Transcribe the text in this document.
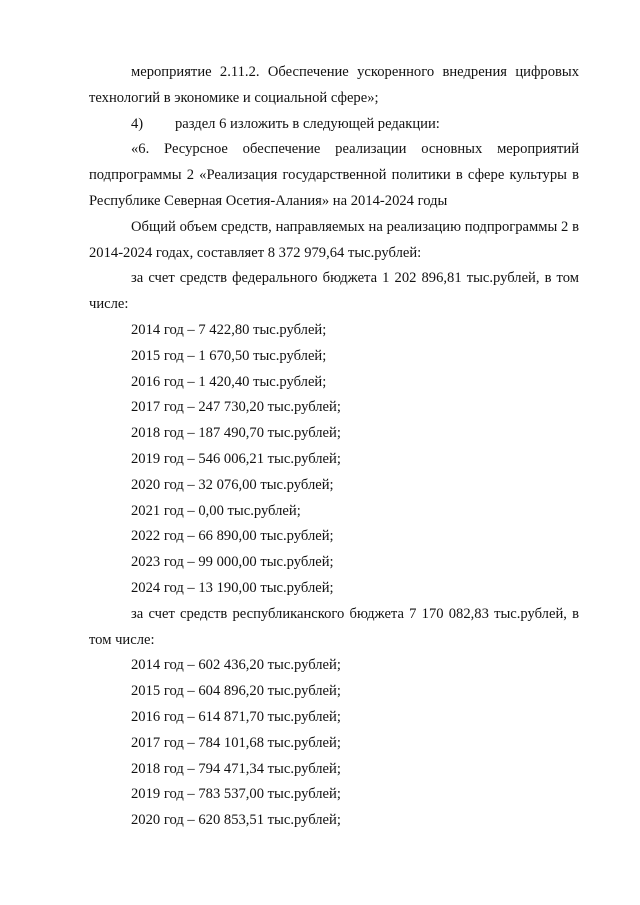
мероприятие 2.11.2. Обеспечение ускоренного внедрения цифровых технологий в экономике и социальной сфере»;

4) раздел 6 изложить в следующей редакции:

«6. Ресурсное обеспечение реализации основных мероприятий подпрограммы 2 «Реализация государственной политики в сфере культуры в Республике Северная Осетия-Алания» на 2014-2024 годы

Общий объем средств, направляемых на реализацию подпрограммы 2 в 2014-2024 годах, составляет 8 372 979,64 тыс.рублей:

за счет средств федерального бюджета 1 202 896,81 тыс.рублей, в том числе:

2014 год – 7 422,80 тыс.рублей;
2015 год – 1 670,50 тыс.рублей;
2016 год – 1 420,40 тыс.рублей;
2017 год – 247 730,20 тыс.рублей;
2018 год – 187 490,70 тыс.рублей;
2019 год – 546 006,21 тыс.рублей;
2020 год – 32 076,00 тыс.рублей;
2021 год – 0,00 тыс.рублей;
2022 год – 66 890,00 тыс.рублей;
2023 год – 99 000,00 тыс.рублей;
2024 год – 13 190,00 тыс.рублей;

за счет средств республиканского бюджета 7 170 082,83 тыс.рублей, в том числе:

2014 год – 602 436,20 тыс.рублей;
2015 год – 604 896,20 тыс.рублей;
2016 год – 614 871,70 тыс.рублей;
2017 год – 784 101,68 тыс.рублей;
2018 год – 794 471,34 тыс.рублей;
2019 год – 783 537,00 тыс.рублей;
2020 год – 620 853,51 тыс.рублей;
